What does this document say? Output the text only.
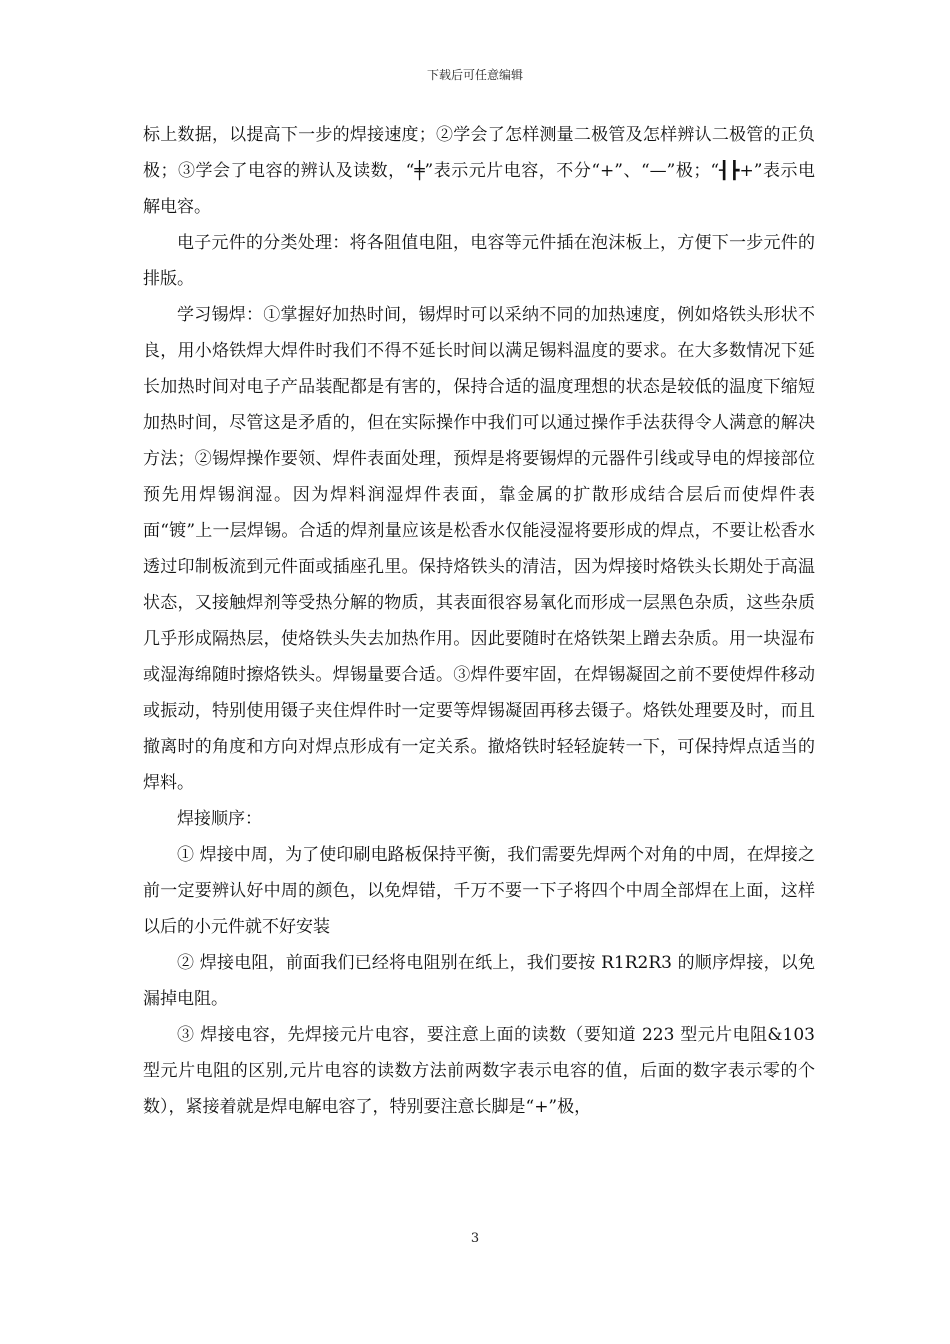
下载后可任意编辑

标上数据，以提高下一步的焊接速度；②学会了怎样测量二极管及怎样辨认二极管的正负极；③学会了电容的辨认及读数，“╪”表示元片电容，不分“+”、“—”极；“┨┣+”表示电解电容。

电子元件的分类处理：将各阻值电阻，电容等元件插在泡沫板上，方便下一步元件的排版。

学习锡焊：①掌握好加热时间，锡焊时可以采纳不同的加热速度，例如烙铁头形状不良，用小烙铁焊大焊件时我们不得不延长时间以满足锡料温度的要求。在大多数情况下延长加热时间对电子产品装配都是有害的，保持合适的温度理想的状态是较低的温度下缩短加热时间，尽管这是矛盾的，但在实际操作中我们可以通过操作手法获得令人满意的解决方法；②锡焊操作要领、焊件表面处理，预焊是将要锡焊的元器件引线或导电的焊接部位预先用焊锡润湿。因为焊料润湿焊件表面，靠金属的扩散形成结合层后而使焊件表面“镀”上一层焊锡。合适的焊剂量应该是松香水仅能浸湿将要形成的焊点，不要让松香水透过印制板流到元件面或插座孔里。保持烙铁头的清洁，因为焊接时烙铁头长期处于高温状态，又接触焊剂等受热分解的物质，其表面很容易氧化而形成一层黑色杂质，这些杂质几乎形成隔热层，使烙铁头失去加热作用。因此要随时在烙铁架上蹭去杂质。用一块湿布或湿海绵随时擦烙铁头。焊锡量要合适。③焊件要牢固，在焊锡凝固之前不要使焊件移动或振动，特别使用镊子夹住焊件时一定要等焊锡凝固再移去镊子。烙铁处理要及时，而且撤离时的角度和方向对焊点形成有一定关系。撤烙铁时轻轻旋转一下，可保持焊点适当的焊料。

焊接顺序：

① 焊接中周，为了使印刷电路板保持平衡，我们需要先焊两个对角的中周，在焊接之前一定要辨认好中周的颜色，以免焊错，千万不要一下子将四个中周全部焊在上面，这样以后的小元件就不好安装

② 焊接电阻，前面我们已经将电阻别在纸上，我们要按 R1R2R3 的顺序焊接，以免漏掉电阻。

③ 焊接电容，先焊接元片电容，要注意上面的读数（要知道 223 型元片电阻&103 型元片电阻的区别,元片电容的读数方法前两数字表示电容的值，后面的数字表示零的个数），紧接着就是焊电解电容了，特别要注意长脚是“+”极，

3
